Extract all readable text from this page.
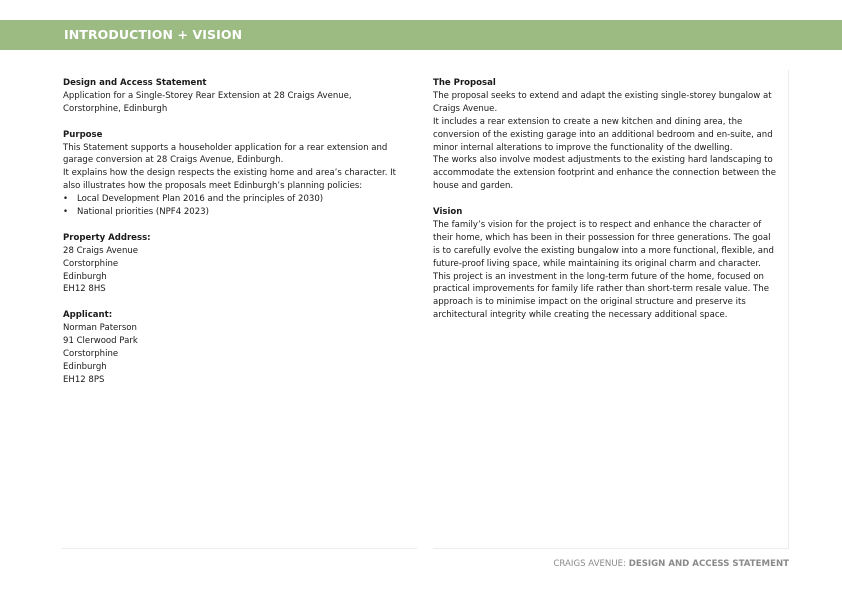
INTRODUCTION + VISION
Design and Access Statement
Application for a Single-Storey Rear Extension at 28 Craigs Avenue, Corstorphine, Edinburgh
Purpose
This Statement supports a householder application for a rear extension and garage conversion at 28 Craigs Avenue, Edinburgh.
It explains how the design respects the existing home and area’s character. It also illustrates how the proposals meet Edinburgh’s planning policies:
• Local Development Plan 2016 and the principles of 2030)
• National priorities (NPF4 2023)
Property Address:
28 Craigs Avenue
Corstorphine
Edinburgh
EH12 8HS
Applicant:
Norman Paterson
91 Clerwood Park
Corstorphine
Edinburgh
EH12 8PS
The Proposal
The proposal seeks to extend and adapt the existing single-storey bungalow at Craigs Avenue.
It includes a rear extension to create a new kitchen and dining area, the conversion of the existing garage into an additional bedroom and en-suite, and minor internal alterations to improve the functionality of the dwelling.
The works also involve modest adjustments to the existing hard landscaping to accommodate the extension footprint and enhance the connection between the house and garden.
Vision
The family’s vision for the project is to respect and enhance the character of their home, which has been in their possession for three generations. The goal is to carefully evolve the existing bungalow into a more functional, flexible, and future-proof living space, while maintaining its original charm and character.
This project is an investment in the long-term future of the home, focused on practical improvements for family life rather than short-term resale value. The approach is to minimise impact on the original structure and preserve its architectural integrity while creating the necessary additional space.
CRAIGS AVENUE: DESIGN AND ACCESS STATEMENT
